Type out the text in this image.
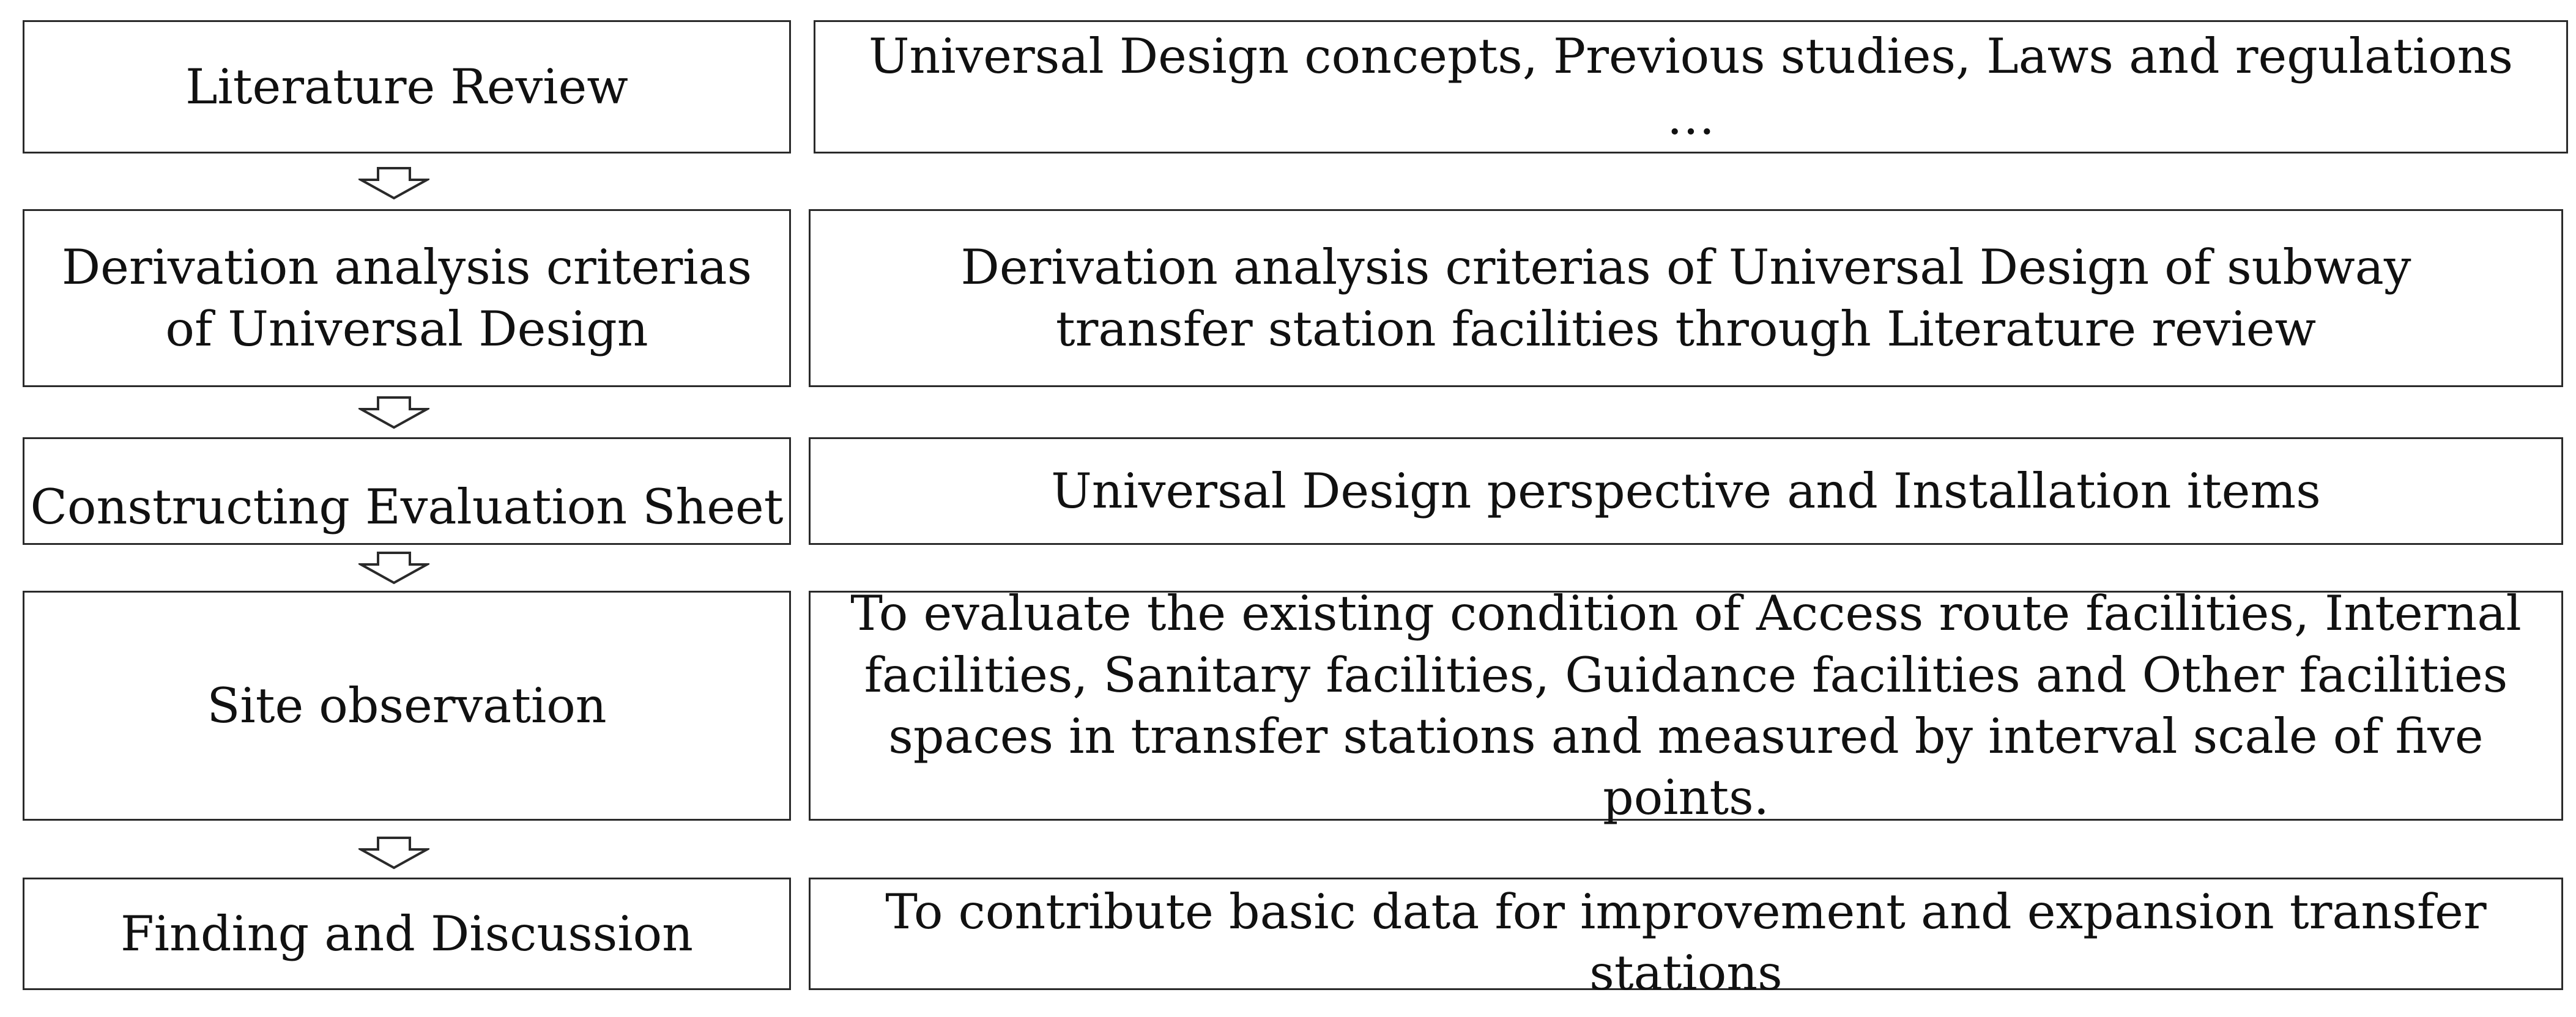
Literature Review
Universal Design concepts, Previous studies, Laws and regulations …
Derivation analysis criterias of Universal Design
Derivation analysis criterias of Universal Design of subway transfer station facilities through Literature review
Constructing Evaluation Sheet	Universal Design perspective and Installation items
Site observation
To evaluate the existing condition of Access route facilities, Internal facilities, Sanitary facilities, Guidance facilities and Other facilities spaces in transfer stations and measured by interval scale of five points.
Finding and Discussion	To contribute basic data for improvement and expansion transfer stations
